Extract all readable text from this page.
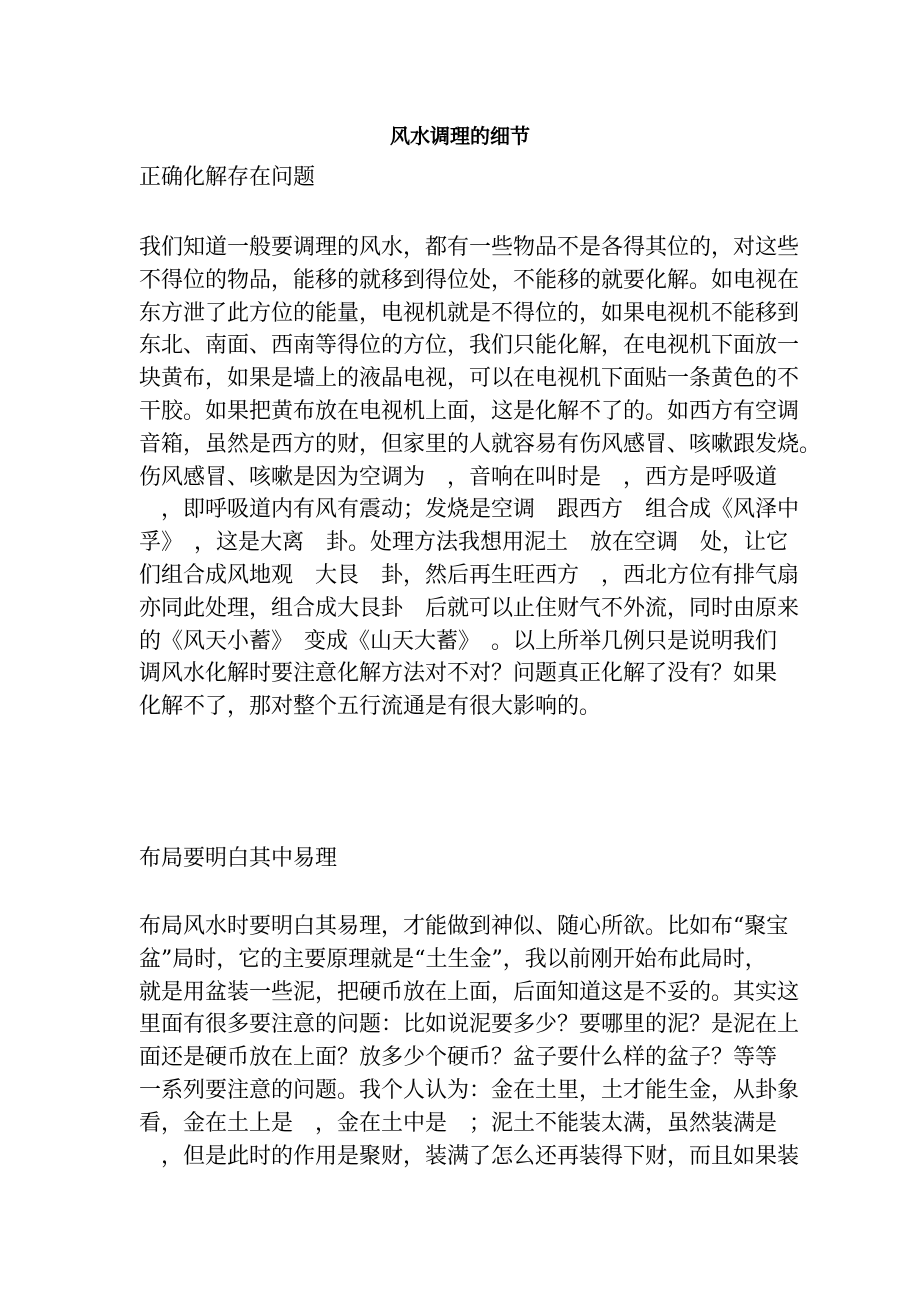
风水调理的细节
正确化解存在问题
我们知道一般要调理的风水，都有一些物品不是各得其位的，对这些
不得位的物品，能移的就移到得位处，不能移的就要化解。如电视在
东方泄了此方位的能量，电视机就是不得位的，如果电视机不能移到
东北、南面、西南等得位的方位，我们只能化解，在电视机下面放一
块黄布，如果是墙上的液晶电视，可以在电视机下面贴一条黄色的不
干胶。如果把黄布放在电视机上面，这是化解不了的。如西方有空调
音箱，虽然是西方的财，但家里的人就容易有伤风感冒、咳嗽跟发烧。
伤风感冒、咳嗽是因为空调为　，音响在叫时是　，西方是呼吸道
　，即呼吸道内有风有震动；发烧是空调　跟西方　组合成《风泽中
孚》　，这是大离　卦。处理方法我想用泥土　放在空调　处，让它
们组合成风地观　大艮　卦，然后再生旺西方　，西北方位有排气扇
亦同此处理，组合成大艮卦　后就可以止住财气不外流，同时由原来
的《风天小蓄》　变成《山天大蓄》　。以上所举几例只是说明我们
调风水化解时要注意化解方法对不对？问题真正化解了没有？如果
化解不了，那对整个五行流通是有很大影响的。
布局要明白其中易理
布局风水时要明白其易理，才能做到神似、随心所欲。比如布“聚宝
盆”局时，它的主要原理就是“土生金”，我以前刚开始布此局时，
就是用盆装一些泥，把硬币放在上面，后面知道这是不妥的。其实这
里面有很多要注意的问题：比如说泥要多少？要哪里的泥？是泥在上
面还是硬币放在上面？放多少个硬币？盆子要什么样的盆子？等等
一系列要注意的问题。我个人认为：金在土里，土才能生金，从卦象
看，金在土上是　，金在土中是　；泥土不能装太满，虽然装满是
　，但是此时的作用是聚财，装满了怎么还再装得下财，而且如果装
